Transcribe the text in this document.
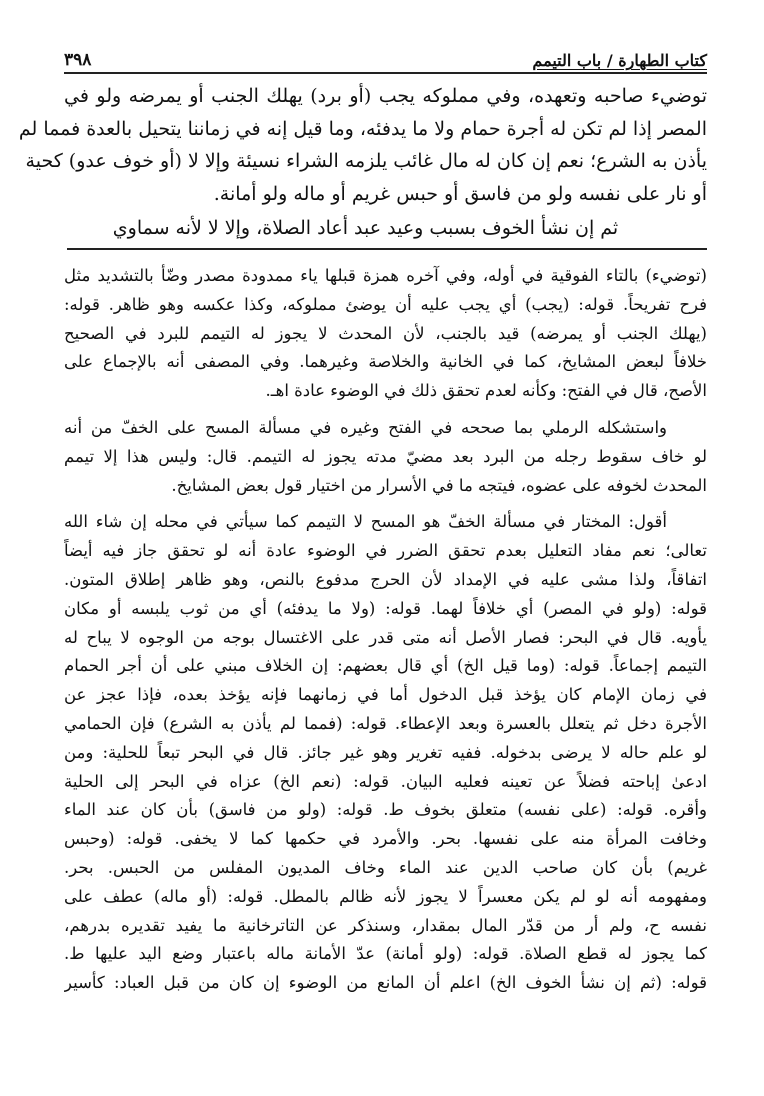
كتاب الطهارة / باب التيمم
٣٩٨
توضيء صاحبه وتعهده، وفي مملوكه يجب (أو برد) يهلك الجنب أو يمرضه ولو في
المصر إذا لم تكن له أجرة حمام ولا ما يدفئه، وما قيل إنه في زماننا يتحيل بالعدة فمما لم
يأذن به الشرع؛ نعم إن كان له مال غائب يلزمه الشراء نسيئة وإلا لا (أو خوف عدو) كحية
أو نار على نفسه ولو من فاسق أو حبس غريم أو ماله ولو أمانة.
ثم إن نشأ الخوف بسبب وعيد عبد أعاد الصلاة، وإلا لا لأنه سماوي
(توضيء) بالتاء الفوقية في أوله، وفي آخره همزة قبلها ياء ممدودة مصدر وضّأ بالتشديد مثل
فرح تفريحاً. قوله: (يجب) أي يجب عليه أن يوضئ مملوكه، وكذا عكسه وهو ظاهر. قوله:
(يهلك الجنب أو يمرضه) قيد بالجنب، لأن المحدث لا يجوز له التيمم للبرد في الصحيح
خلافاً لبعض المشايخ، كما في الخانية والخلاصة وغيرهما. وفي المصفى أنه بالإجماع على
الأصح، قال في الفتح: وكأنه لعدم تحقق ذلك في الوضوء عادة اهـ.
واستشكله الرملي بما صححه في الفتح وغيره في مسألة المسح على الخفّ من أنه
لو خاف سقوط رجله من البرد بعد مضيّ مدته يجوز له التيمم. قال: وليس هذا إلا تيمم
المحدث لخوفه على عضوه، فيتجه ما في الأسرار من اختيار قول بعض المشايخ.
أقول: المختار في مسألة الخفّ هو المسح لا التيمم كما سيأتي في محله إن شاء الله
تعالى؛ نعم مفاد التعليل بعدم تحقق الضرر في الوضوء عادة أنه لو تحقق جاز فيه أيضاً
اتفاقاً، ولذا مشى عليه في الإمداد لأن الحرج مدفوع بالنص، وهو ظاهر إطلاق المتون.
قوله: (ولو في المصر) أي خلافاً لهما. قوله: (ولا ما يدفئه) أي من ثوب يلبسه أو مكان
يأويه. قال في البحر: فصار الأصل أنه متى قدر على الاغتسال بوجه من الوجوه لا يباح له
التيمم إجماعاً. قوله: (وما قيل الخ) أي قال بعضهم: إن الخلاف مبني على أن أجر الحمام
في زمان الإمام كان يؤخذ قبل الدخول أما في زمانهما فإنه يؤخذ بعده، فإذا عجز عن
الأجرة دخل ثم يتعلل بالعسرة وبعد الإعطاء. قوله: (فمما لم يأذن به الشرع) فإن الحمامي
لو علم حاله لا يرضى بدخوله. ففيه تغرير وهو غير جائز. قال في البحر تبعاً للحلية: ومن
ادعىٰ إباحته فضلاً عن تعينه فعليه البيان. قوله: (نعم الخ) عزاه في البحر إلى الحلية
وأقره. قوله: (على نفسه) متعلق بخوف ط. قوله: (ولو من فاسق) بأن كان عند الماء
وخافت المرأة منه على نفسها. بحر. والأمرد في حكمها كما لا يخفى. قوله: (وحبس
غريم) بأن كان صاحب الدين عند الماء وخاف المديون المفلس من الحبس. بحر.
ومفهومه أنه لو لم يكن معسراً لا يجوز لأنه ظالم بالمطل. قوله: (أو ماله) عطف على
نفسه ح، ولم أر من قدّر المال بمقدار، وسنذكر عن التاترخانية ما يفيد تقديره بدرهم،
كما يجوز له قطع الصلاة. قوله: (ولو أمانة) عدّ الأمانة ماله باعتبار وضع اليد عليها ط.
قوله: (ثم إن نشأ الخوف الخ) اعلم أن المانع من الوضوء إن كان من قبل العباد: كأسير
